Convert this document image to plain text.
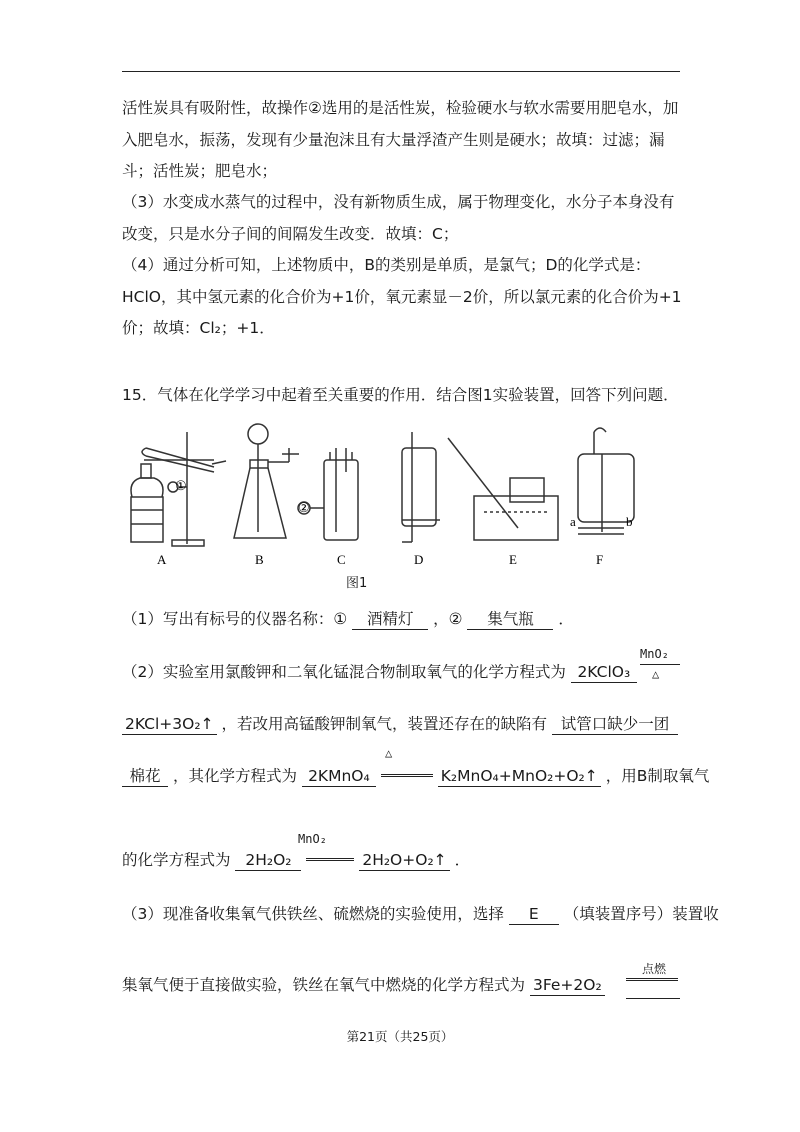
活性炭具有吸附性，故操作②选用的是活性炭，检验硬水与软水需要用肥皂水，加入肥皂水，振荡，发现有少量泡沫且有大量浮渣产生则是硬水；故填：过滤；漏斗；活性炭；肥皂水；
（3）水变成水蒸气的过程中，没有新物质生成，属于物理变化，水分子本身没有改变，只是水分子间的间隔发生改变．故填：C；
（4）通过分析可知，上述物质中，B的类别是单质，是氯气；D的化学式是：HClO，其中氢元素的化合价为+1价，氧元素显－2价，所以氯元素的化合价为+1价；故填：Cl₂；+1．
15．气体在化学学习中起着至关重要的作用．结合图1实验装置，回答下列问题．
①
②
a	b
A	B	C	D	E	F
图1
（1）写出有标号的仪器名称：① 酒精灯 ，② 集气瓶 ．
（2）实验室用氯酸钾和二氧化锰混合物制取氧气的化学方程式为 2KClO₃
MnO₂
△
2KCl+3O₂↑ ，若改用高锰酸钾制氧气，装置还存在的缺陷有 试管口缺少一团
棉花 ，其化学方程式为 2KMnO₄	K₂MnO₄+MnO₂+O₂↑ ，用B制取氧气
△
的化学方程式为 2H₂O₂	2H₂O+O₂↑ ．
MnO₂
（3）现准备收集氧气供铁丝、硫燃烧的实验使用，选择 E （填装置序号）装置收
集氧气便于直接做实验，铁丝在氧气中燃烧的化学方程式为 3Fe+2O₂
点燃
第21页（共25页）
